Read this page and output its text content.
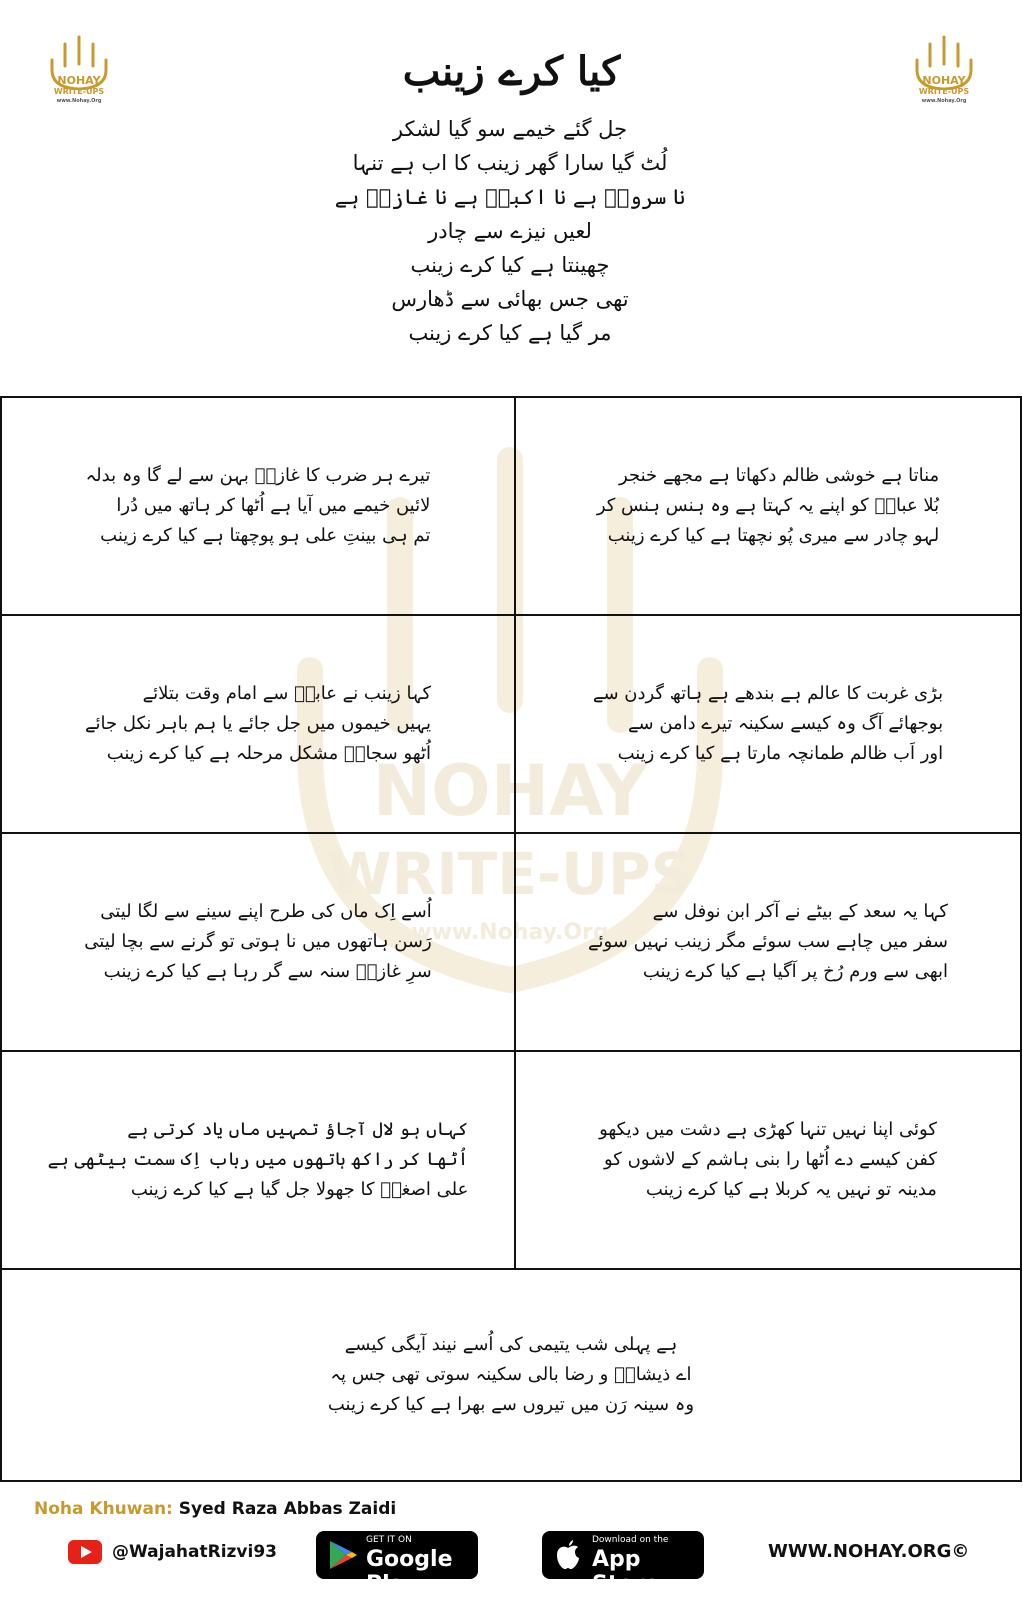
NOHAY
WRITE-UPS
www.Nohay.Org
NOHAY
WRITE-UPS
www.Nohay.Org
NOHAY
WRITE-UPS
www.Nohay.Org
کیا کرے زینب
جل گئے خیمے سو گیا لشکر
لُٹ گیا سارا گھر زینب کا اب ہے تنہا
نا سرورؑ ہے نا اکبرؑ ہے نا غازیؑ ہے
لعیں نیزے سے چادر
چھینتا ہے کیا کرے زینب
تھی جس بھائی سے ڈھارس
مر گیا ہے کیا کرے زینب
مناتا ہے خوشی ظالم دکھاتا ہے مجھے خنجر
بُلا عباسؑ کو اپنے یہ کہتا ہے وہ ہنس ہنس کر
لہو چادر سے میری پُو نچھتا ہے کیا کرے زینب
تیرے ہر ضرب کا غازیؑ بہن سے لے گا وہ بدلہ
لائیں خیمے میں آیا ہے اُٹھا کر ہاتھ میں دُرا
تم ہی بینتِ علی ہو پوچھتا ہے کیا کرے زینب
بڑی غربت کا عالم ہے بندھے ہے ہاتھ گردن سے
بوجھائے آگ وہ کیسے سکینہ تیرے دامن سے
اور اَب ظالم طمانچہ مارتا ہے کیا کرے زینب
کہا زینب نے عابدؑ سے امام وقت بتلائے
یہیں خیموں میں جل جائے یا ہم باہر نکل جائے
اُٹھو سجادؑ مشکل مرحلہ ہے کیا کرے زینب
کہا یہ سعد کے بیٹے نے آکر ابن نوفل سے
سفر میں چاہے سب سوئے مگر زینب نہیں سوئے
ابھی سے ورم رُخ پر آگیا ہے کیا کرے زینب
اُسے اِک ماں کی طرح اپنے سینے سے لگا لیتی
رَسن ہاتھوں میں نا ہوتی تو گرنے سے بچا لیتی
سرِ غازیؑ سنہ سے گر رہا ہے کیا کرے زینب
کوئی اپنا نہیں تنہا کھڑی ہے دشت میں دیکھو
کفن کیسے دے اُٹھا را بنی ہاشم کے لاشوں کو
مدینہ تو نہیں یہ کربلا ہے کیا کرے زینب
کہاں ہو لال آجاؤ تمہیں ماں یاد کرتی ہے
اُٹھا کر راکھ ہاتھوں میں رباب اِک سمت بیٹھی ہے
علی اصغرؑ کا جھولا جل گیا ہے کیا کرے زینب
ہے پہلی شب یتیمی کی اُسے نیند آیگی کیسے
اے ذیشانؔ و رضا بالی سکینہ سوتی تھی جس پہ
وہ سینہ رَن میں تیروں سے بھرا ہے کیا کرے زینب
Noha Khuwan: Syed Raza Abbas Zaidi
@WajahatRizvi93
GET IT ON
Google Play
Download on the
App Store
WWW.NOHAY.ORG©
